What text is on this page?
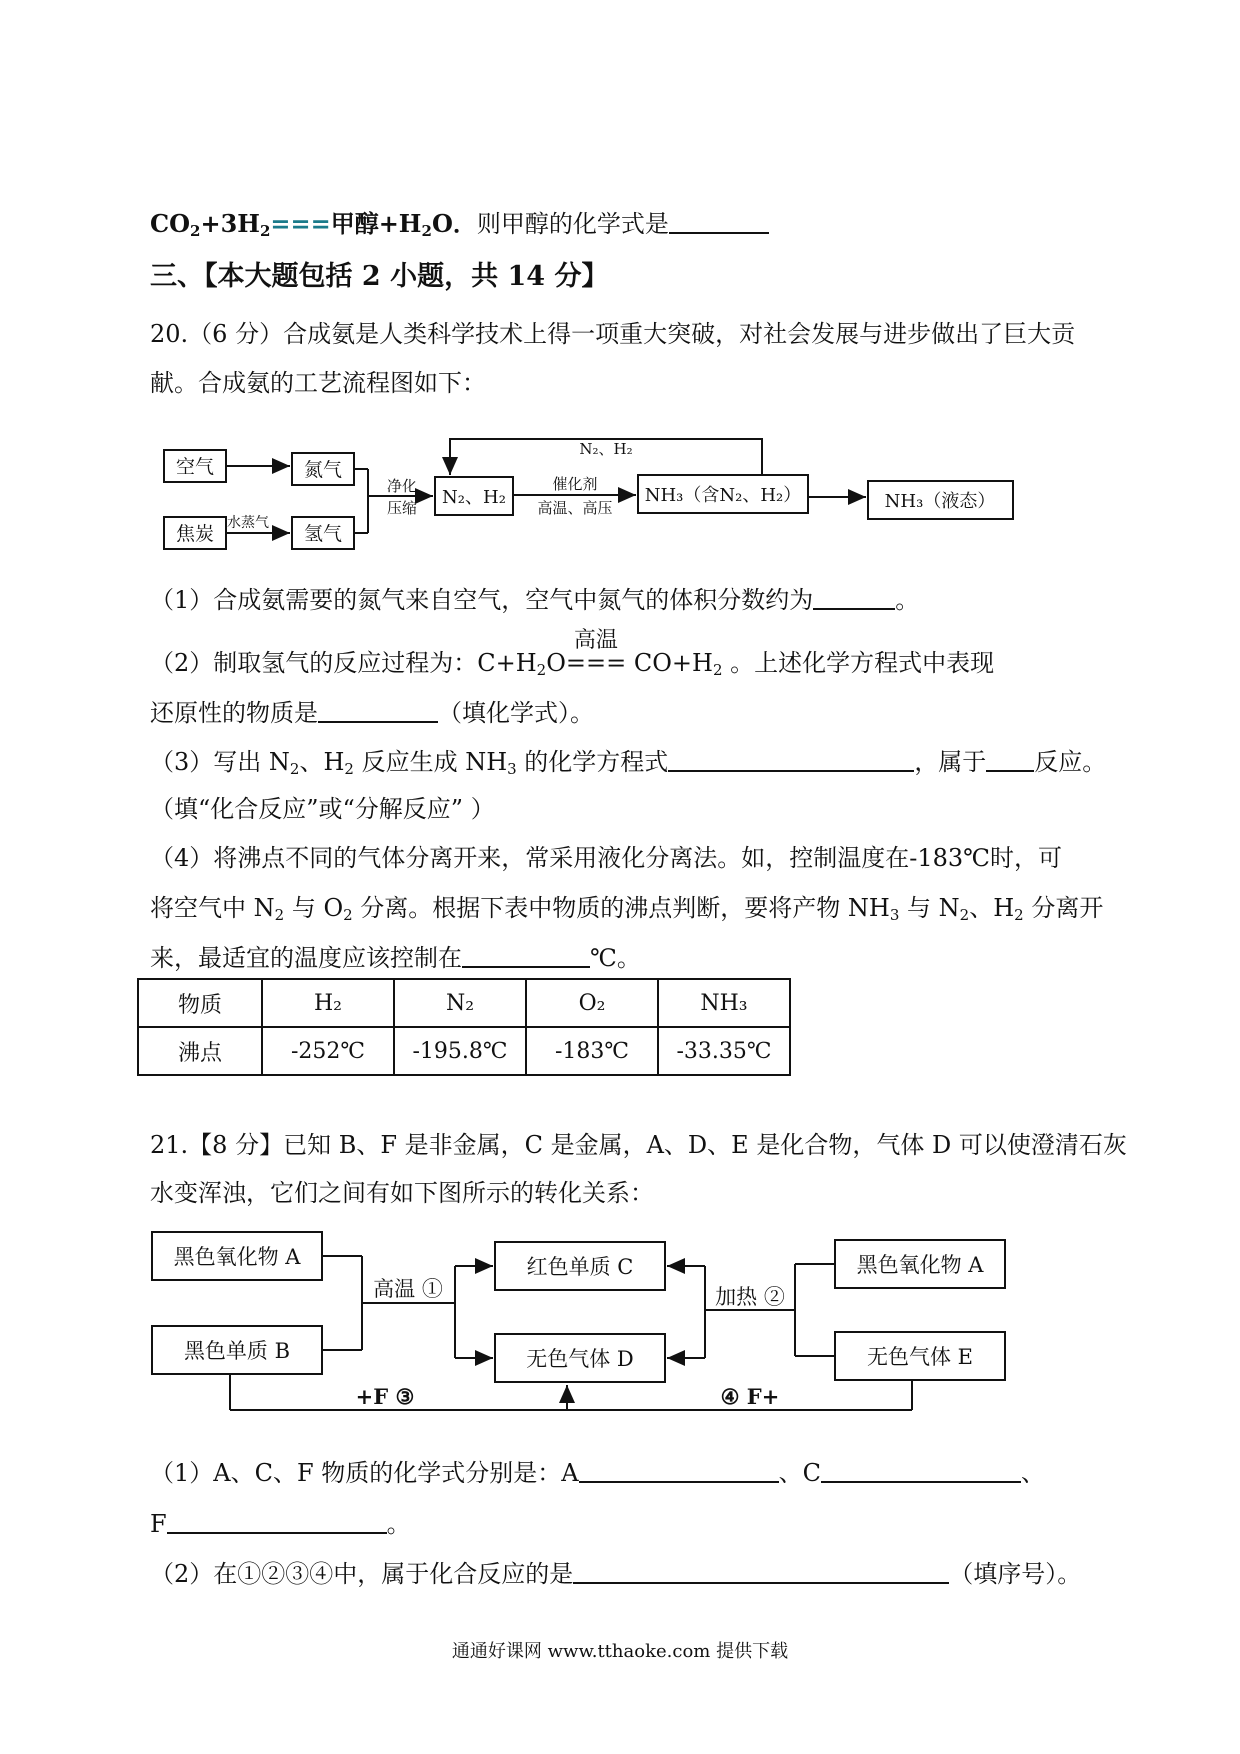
$CO_2+3H_2===$甲醇$+H_2O$．则甲醇的化学式是
三、【本大题包括 2 小题，共 14 分】
20.（6 分）合成氨是人类科学技术上得一项重大突破，对社会发展与进步做出了巨大贡
献。合成氨的工艺流程图如下：
空气	氮气
焦炭	氢气
水蒸气
净化
压缩 N₂、H₂
催化剂
高温、高压
NH₃（含N₂、H₂）	NH₃（液态）
N₂、H₂
（1）合成氨需要的氮气来自空气，空气中氮气的体积分数约为	。
（2）制取氢气的反应过程为：$C+H_2O$
高温
=== $CO+H_2$ 。上述化学方程式中表现
还原性的物质是	（填化学式）。
（3）写出 $N_2$、$H_2$ 反应生成 $NH_3$ 的化学方程式	，属于 反应。
（填“化合反应”或“分解反应” ）
（4）将沸点不同的气体分离开来，常采用液化分离法。如，控制温度在-183℃时，可
将空气中 $N_2$ 与 $O_2$ 分离。根据下表中物质的沸点判断，要将产物 $NH_3$ 与 $N_2$、$H_2$ 分离开
来，最适宜的温度应该控制在	℃。
物质	H₂	N₂	O₂	NH₃
沸点	-252℃	-195.8℃	-183℃	-33.35℃
21.【8 分】已知 B、F 是非金属，C 是金属，A、D、E 是化合物，气体 D 可以使澄清石灰
水变浑浊，它们之间有如下图所示的转化关系：
黑色氧化物 A
黑色单质 B
红色单质 C
无色气体 D
黑色氧化物 A
无色气体 E
高温 ①	加热 ②
+F ③	④ F+
（1）A、C、F 物质的化学式分别是：A	、C	、
F	。
（2）在①②③④中，属于化合反应的是	（填序号）。
通通好课网 www.tthaoke.com 提供下载
